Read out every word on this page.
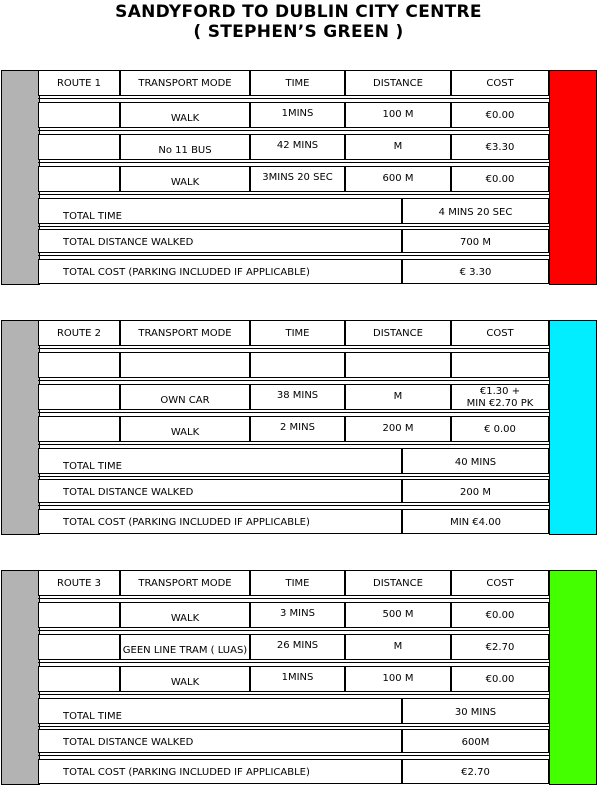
SANDYFORD TO DUBLIN CITY CENTRE
( STEPHEN’S GREEN )
ROUTE 1	TRANSPORT MODE	TIME	DISTANCE	COST
WALK	1MINS	100 M	€0.00
No 11 BUS	42 MINS	M	€3.30
WALK	3MINS 20 SEC	600 M	€0.00
TOTAL TIME	4 MINS 20 SEC
TOTAL DISTANCE WALKED	700 M
TOTAL COST (PARKING INCLUDED IF APPLICABLE)	€ 3.30
ROUTE 2	TRANSPORT MODE	TIME	DISTANCE	COST
OWN CAR	38 MINS	M	€1.30 +
MIN €2.70 PK
WALK	2 MINS	200 M	€ 0.00
TOTAL TIME	40 MINS
TOTAL DISTANCE WALKED	200 M
TOTAL COST (PARKING INCLUDED IF APPLICABLE)	MIN €4.00
ROUTE 3	TRANSPORT MODE	TIME	DISTANCE	COST
WALK	3 MINS	500 M	€0.00
GEEN LINE TRAM ( LUAS)	26 MINS	M	€2.70
WALK	1MINS	100 M	€0.00
TOTAL TIME	30 MINS
TOTAL DISTANCE WALKED	600M
TOTAL COST (PARKING INCLUDED IF APPLICABLE)	€2.70
